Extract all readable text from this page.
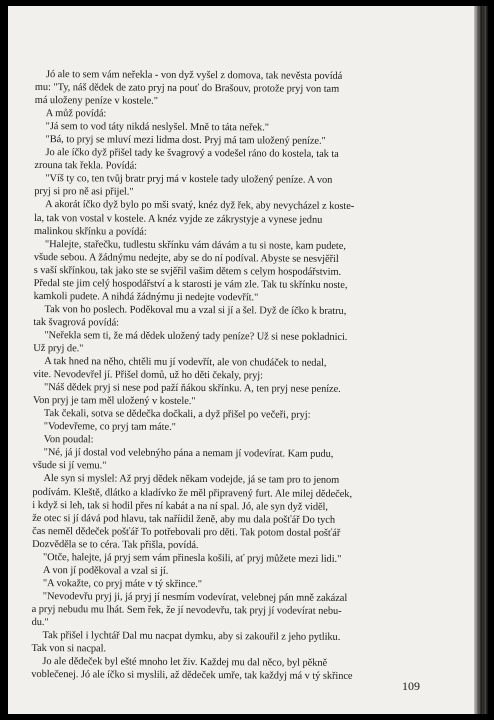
Jó ale to sem vám neřekla - von dyž vyšel z domova, tak nevěsta povídá
mu: "Ty, náš dědek de zato pryj na pouť do Brašouv, protože pryj von tam
má uloženy peníze v kostele."
A můž povídá:
"Já sem to vod táty nikdá neslyšel. Mně to táta neřek."
"Bá, to pryj se mluví mezi lidma dost. Pryj má tam uložený peníze."
Jo ale íčko dyž přišel tady ke švagrový a vodešel ráno do kostela, tak ta
zrouna tak řekla. Povídá:
"Víš ty co, ten tvůj bratr pryj má v kostele tady uložený peníze. A von
pryj si pro ně asi přijel."
A akorát íčko dyž bylo po mši svatý, knéz dyž řek, aby nevycházel z koste-
la, tak von vostal v kostele. A knéz vyjde ze zákrystyje a vynese jednu
malinkou skřínku a povídá:
"Halejte, stařečku, tudlestu skřínku vám dávám a tu si noste, kam pudete,
všude sebou. A žádnýmu nedejte, aby se do ní podíval. Abyste se nesvjěřil
s vaší skřínkou, tak jako ste se svjěřil vašim dětem s celym hospodářstvim.
Předal ste jim celý hospodářství a k starosti je vám zle. Tak tu skřínku noste,
kamkoli pudete. A nihdá žádnýmu ji nedejte vodevřít."
Tak von ho poslech. Poděkoval mu a vzal si jí a šel. Dyž de íčko k bratru,
tak švagrová povídá:
"Neřekla sem ti, že má dědek uložený tady peníze? Už si nese pokladnici.
Už pryj de."
A tak hned na něho, chtěli mu jí vodevřít, ale von chudáček to nedal,
vite. Nevodevřel jí. Přišel domů, už ho děti čekaly, pryj:
"Náš dědek pryj si nese pod paží ňákou skřínku. A, ten pryj nese peníze.
Von pryj je tam měl uložený v kostele."
Tak čekali, sotva se dědečka dočkali, a dyž přišel po večeři, pryj:
"Vodevřeme, co pryj tam máte."
Von poudal:
"Né, já jí dostal vod velebnýho pána a nemam jí vodevírat. Kam pudu,
všude si jí vemu."
Ale syn si myslel: Až pryj dědek někam vodejde, já se tam pro to jenom
podívám. Kleště, dlátko a kladívko že měl připravený furt. Ale milej dědeček,
i když si leh, tak si hodil přes ní kabát a na ní spal. Jó, ale syn dyž viděl,
že otec si jí dává pod hlavu, tak naříidil ženě, aby mu dala pošťář Do tych
čas neměl dědeček pošťář To potřebovali pro děti. Tak potom dostal pošťář
Dozvěděla se to céra. Tak přišla, povídá.
"Otče, halejte, já pryj sem vám přinesla košili, ať pryj můžete mezi lidi."
A von jí poděkoval a vzal si jí.
"A vokažte, co pryj máte v tý skřince."
"Nevodevřu pryj ji, já pryj jí nesmím vodevírat, velebnej pán mně zakázal
a pryj nebudu mu lhát. Sem řek, že jí nevodevřu, tak pryj jí vodevírat nebu-
du."
Tak přišel i lychtář Dal mu nacpat dymku, aby si zakouřil z jeho pytliku.
Tak von si nacpal.
Jo ale dědeček byl ešté mnoho let živ. Každej mu dal něco, byl pěkně
voblečenej. Jó ale íčko si myslili, až dědeček umře, tak každyj má v tý skřince
109
